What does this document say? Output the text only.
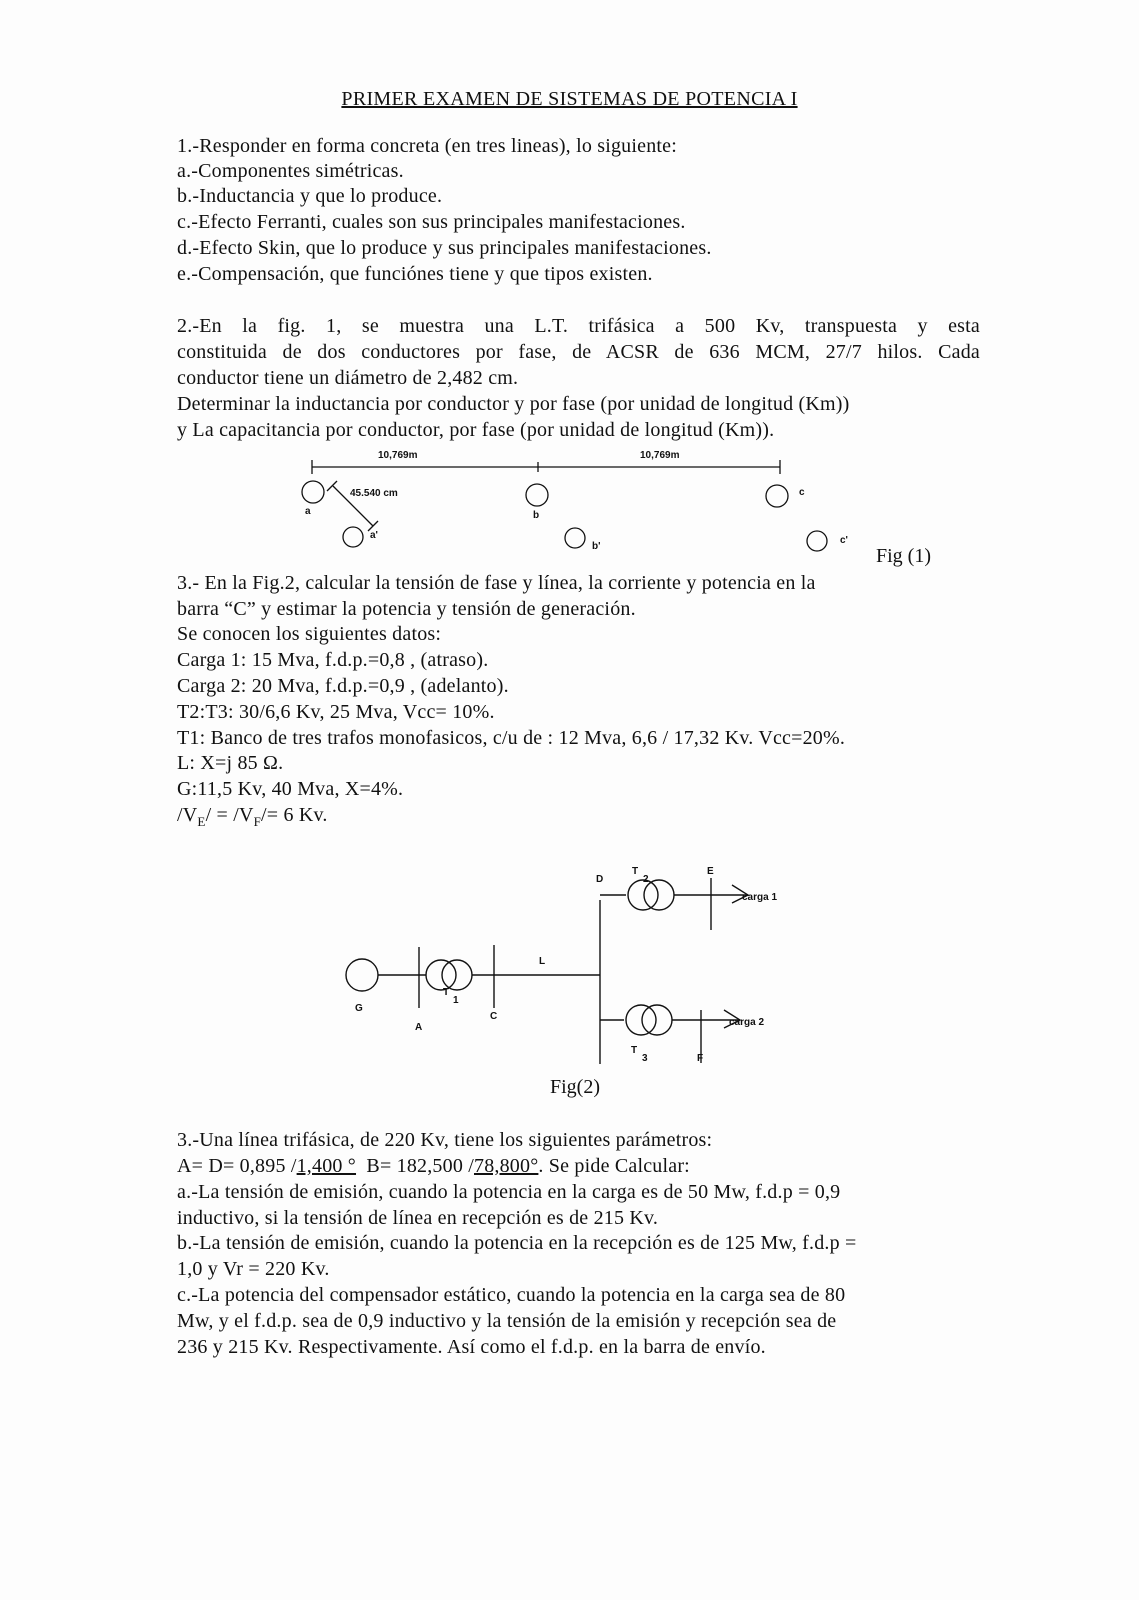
PRIMER EXAMEN DE SISTEMAS DE POTENCIA I
1.-Responder en forma concreta (en tres lineas), lo siguiente:
a.-Componentes simétricas.
b.-Inductancia y que lo produce.
c.-Efecto Ferranti, cuales son sus principales manifestaciones.
d.-Efecto Skin, que lo produce y sus principales manifestaciones.
e.-Compensación, que funciónes tiene y que tipos existen.
2.-En la fig. 1, se muestra una L.T. trifásica a 500 Kv, transpuesta y esta
constituida de dos conductores por fase, de ACSR de 636 MCM, 27/7 hilos. Cada
conductor tiene un diámetro de 2,482 cm.
Determinar la inductancia por conductor y por fase (por unidad de longitud (Km))
y La capacitancia por conductor, por fase (por unidad de longitud (Km)).
10,769m	10,769m
45.540 cm
a	b
c
a'
b'
c'
Fig (1)
3.- En la Fig.2, calcular la tensión de fase y línea, la corriente y potencia en la
barra “C” y estimar la potencia y tensión de generación.
Se conocen los siguientes datos:
Carga 1: 15 Mva, f.d.p.=0,8 , (atraso).
Carga 2: 20 Mva, f.d.p.=0,9 , (adelanto).
T2:T3: 30/6,6 Kv, 25 Mva, Vcc= 10%.
T1: Banco de tres trafos monofasicos, c/u de : 12 Mva, 6,6 / 17,32 Kv. Vcc=20%.
L: X=j 85 Ω.
G:11,5 Kv, 40 Mva, X=4%.
$/V_E/ = /V_F/= 6$ Kv.
G
A
T
1
C
L
D
T
2
E
carga 1
T
3	F
carga 2
Fig(2)
3.-Una línea trifásica, de 220 Kv, tiene los siguientes parámetros:
A= D= 0,895 /1,400 °  B= 182,500 /78,800°. Se pide Calcular:
a.-La tensión de emisión, cuando la potencia en la carga es de 50 Mw, f.d.p = 0,9
inductivo, si la tensión de línea en recepción es de 215 Kv.
b.-La tensión de emisión, cuando la potencia en la recepción es de 125 Mw, f.d.p =
1,0 y Vr = 220 Kv.
c.-La potencia del compensador estático, cuando la potencia en la carga sea de 80
Mw, y el f.d.p. sea de 0,9 inductivo y la tensión de la emisión y recepción sea de
236 y 215 Kv. Respectivamente. Así como el f.d.p. en la barra de envío.
